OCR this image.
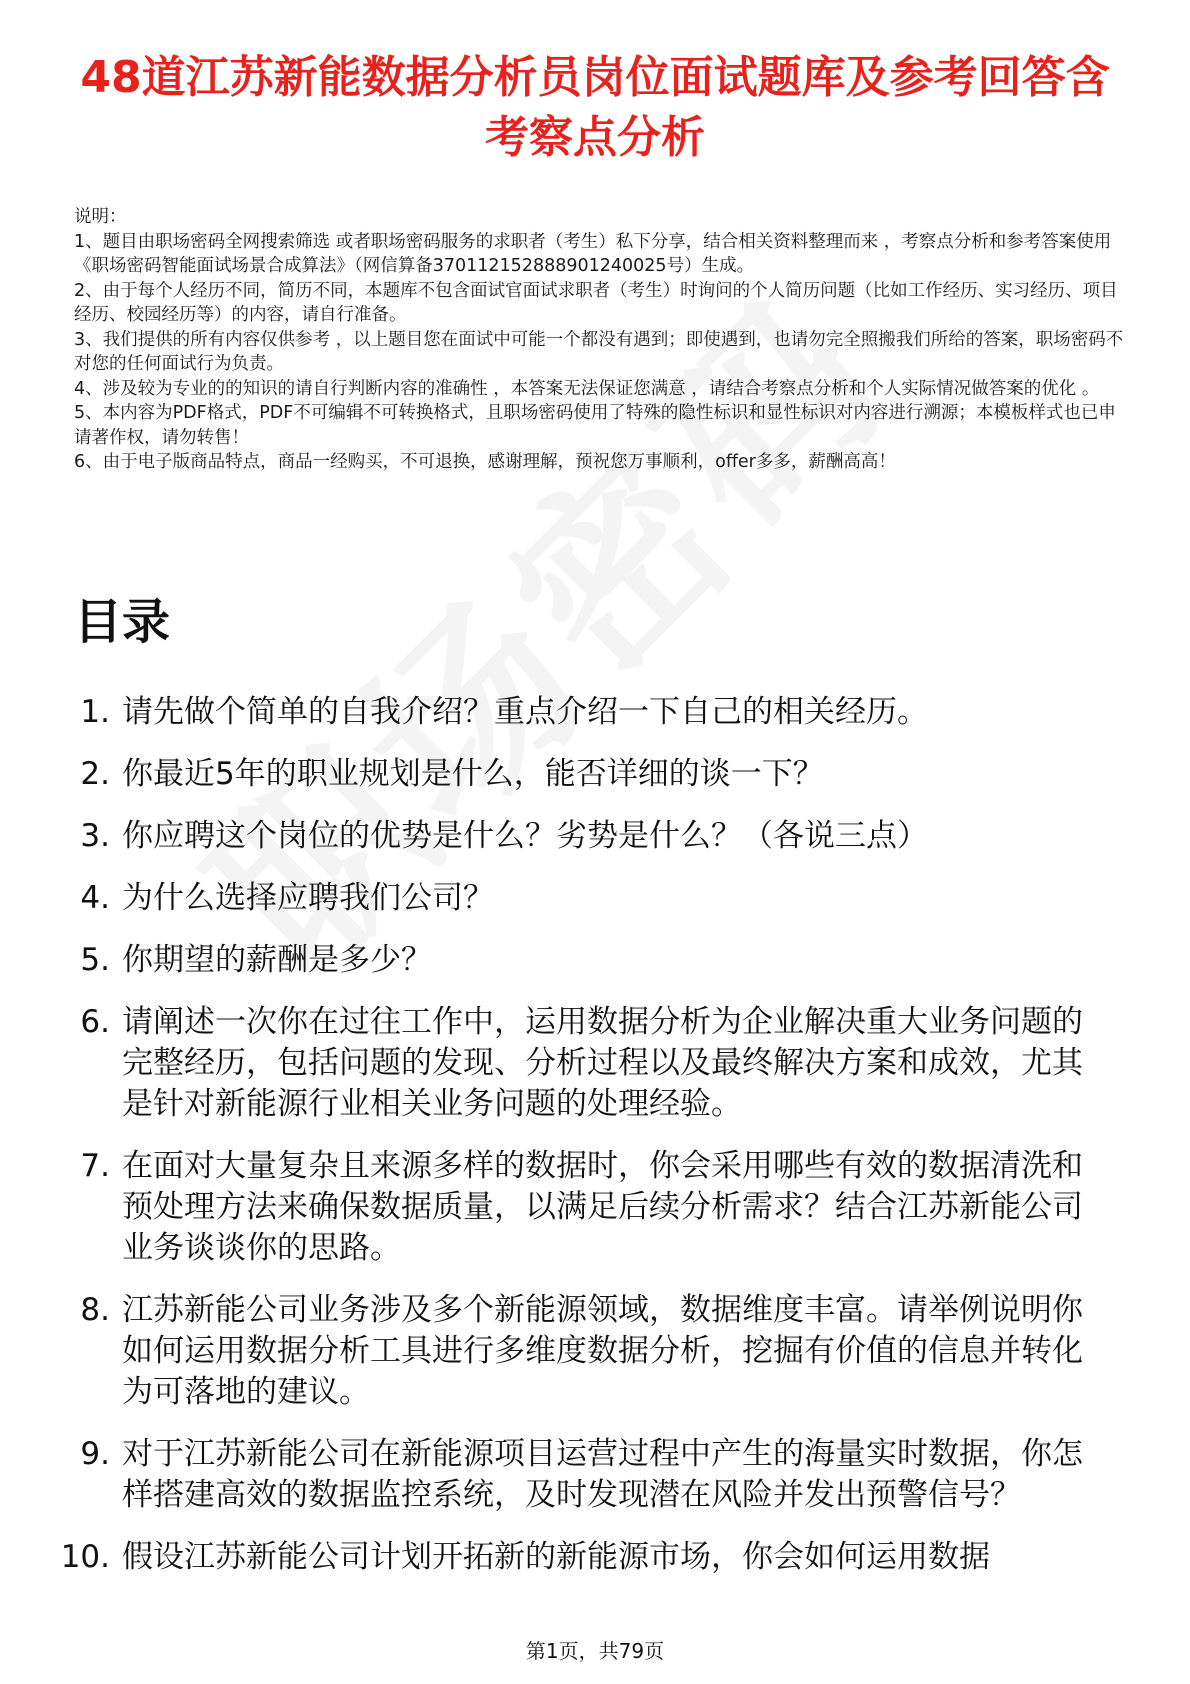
48道江苏新能数据分析员岗位面试题库及参考回答含考察点分析

说明：

1、题目由职场密码全网搜索筛选 或者职场密码服务的求职者（考生）私下分享，结合相关资料整理而来 ，考察点分析和参考答案使用《职场密码智能面试场景合成算法》（网信算备370112152888901240025号）生成。

2、由于每个人经历不同，简历不同，本题库不包含面试官面试求职者（考生）时询问的个人简历问题（比如工作经历、实习经历、项目经历、校园经历等）的内容，请自行准备。

3、我们提供的所有内容仅供参考 ，以上题目您在面试中可能一个都没有遇到；即使遇到，也请勿完全照搬我们所给的答案，职场密码不对您的任何面试行为负责。

4、涉及较为专业的的知识的请自行判断内容的准确性 ，本答案无法保证您满意 ，请结合考察点分析和个人实际情况做答案的优化 。

5、本内容为PDF格式，PDF不可编辑不可转换格式，且职场密码使用了特殊的隐性标识和显性标识对内容进行溯源；本模板样式也已申请著作权，请勿转售！

6、由于电子版商品特点，商品一经购买，不可退换，感谢理解，预祝您万事顺利，offer多多，薪酬高高！

目录
1. 请先做个简单的自我介绍？重点介绍一下自己的相关经历。
2. 你最近5年的职业规划是什么，能否详细的谈一下？
3. 你应聘这个岗位的优势是什么？劣势是什么？（各说三点）
4. 为什么选择应聘我们公司？
5. 你期望的薪酬是多少？
6. 请阐述一次你在过往工作中，运用数据分析为企业解决重大业务问题的完整经历，包括问题的发现、分析过程以及最终解决方案和成效，尤其是针对新能源行业相关业务问题的处理经验。
7. 在面对大量复杂且来源多样的数据时，你会采用哪些有效的数据清洗和预处理方法来确保数据质量，以满足后续分析需求？结合江苏新能公司业务谈谈你的思路。
8. 江苏新能公司业务涉及多个新能源领域，数据维度丰富。请举例说明你如何运用数据分析工具进行多维度数据分析，挖掘有价值的信息并转化为可落地的建议。
9. 对于江苏新能公司在新能源项目运营过程中产生的海量实时数据，你怎样搭建高效的数据监控系统，及时发现潜在风险并发出预警信号？
10. 假设江苏新能公司计划开拓新的新能源市场，你会如何运用数据
第1页，共79页
